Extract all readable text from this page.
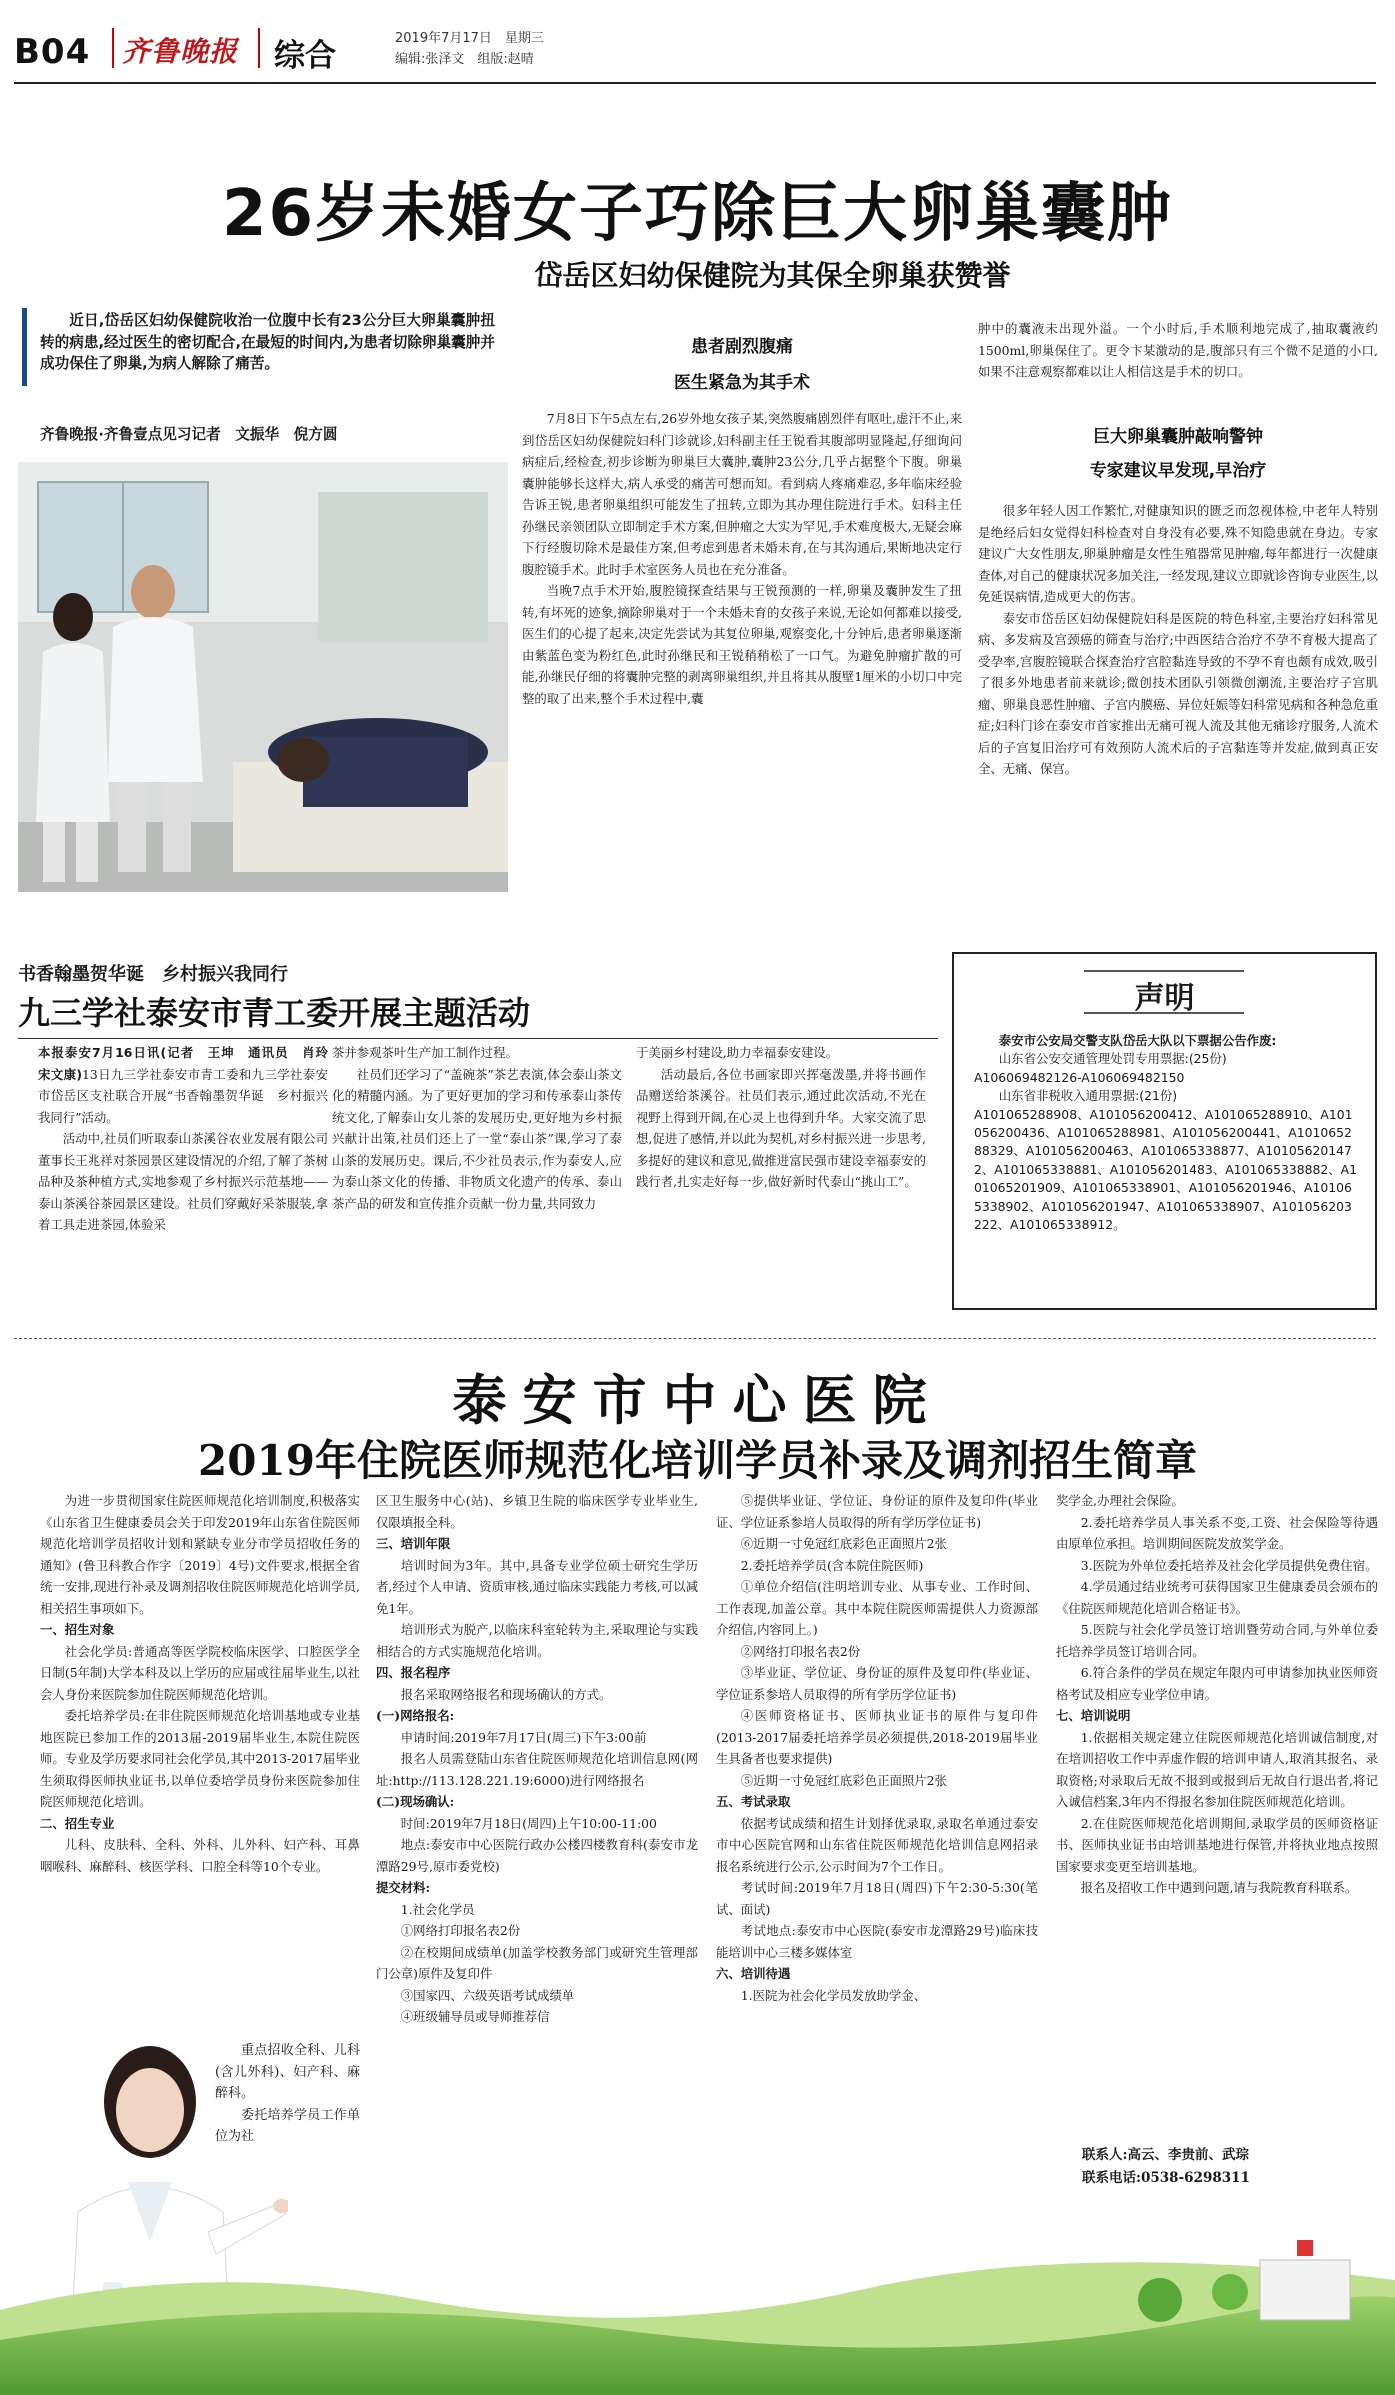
B04 齐鲁晚报 综合	2019年7月17日　星期三
编辑:张泽文　组版:赵晴
26岁未婚女子巧除巨大卵巢囊肿
岱岳区妇幼保健院为其保全卵巢获赞誉

近日,岱岳区妇幼保健院收治一位腹中长有23公分巨大卵巢囊肿扭转的病患,经过医生的密切配合,在最短的时间内,为患者切除卵巢囊肿并成功保住了卵巢,为病人解除了痛苦。

齐鲁晚报·齐鲁壹点见习记者　文振华　倪方圆
患者剧烈腹痛
医生紧急为其手术

7月8日下午5点左右,26岁外地女孩子某,突然腹痛剧烈伴有呕吐,虚汗不止,来到岱岳区妇幼保健院妇科门诊就诊,妇科副主任王锐看其腹部明显隆起,仔细询问病症后,经检查,初步诊断为卵巢巨大囊肿,囊肿23公分,几乎占据整个下腹。卵巢囊肿能够长这样大,病人承受的痛苦可想而知。看到病人疼痛难忍,多年临床经验告诉王锐,患者卵巢组织可能发生了扭转,立即为其办理住院进行手术。妇科主任孙继民亲领团队立即制定手术方案,但肿瘤之大实为罕见,手术难度极大,无疑会麻下行经腹切除术是最佳方案,但考虑到患者未婚未育,在与其沟通后,果断地决定行腹腔镜手术。此时手术室医务人员也在充分准备。

当晚7点手术开始,腹腔镜探查结果与王锐预测的一样,卵巢及囊肿发生了扭转,有坏死的迹象,摘除卵巢对于一个未婚未育的女孩子来说,无论如何都难以接受,医生们的心提了起来,决定先尝试为其复位卵巢,观察变化,十分钟后,患者卵巢逐渐由紫蓝色变为粉红色,此时孙继民和王锐稍稍松了一口气。为避免肿瘤扩散的可能,孙继民仔细的将囊肿完整的剥离卵巢组织,并且将其从腹壁1厘米的小切口中完整的取了出来,整个手术过程中,囊

肿中的囊液未出现外溢。一个小时后,手术顺利地完成了,抽取囊液约1500ml,卵巢保住了。更令卞某激动的是,腹部只有三个微不足道的小口,如果不注意观察都难以让人相信这是手术的切口。

巨大卵巢囊肿敲响警钟
专家建议早发现,早治疗

很多年轻人因工作繁忙,对健康知识的匮乏而忽视体检,中老年人特别是绝经后妇女觉得妇科检查对自身没有必要,殊不知隐患就在身边。专家建议广大女性朋友,卵巢肿瘤是女性生殖器常见肿瘤,每年都进行一次健康查体,对自己的健康状况多加关注,一经发现,建议立即就诊咨询专业医生,以免延误病情,造成更大的伤害。

泰安市岱岳区妇幼保健院妇科是医院的特色科室,主要治疗妇科常见病、多发病及宫颈癌的筛查与治疗;中西医结合治疗不孕不育极大提高了受孕率,宫腹腔镜联合探查治疗宫腔黏连导致的不孕不育也颇有成效,吸引了很多外地患者前来就诊;微创技术团队引领微创潮流,主要治疗子宫肌瘤、卵巢良恶性肿瘤、子宫内膜癌、异位妊娠等妇科常见病和各种急危重症;妇科门诊在泰安市首家推出无痛可视人流及其他无痛诊疗服务,人流术后的子宫复旧治疗可有效预防人流术后的子宫黏连等并发症,做到真正安全、无痛、保宫。

书香翰墨贺华诞　乡村振兴我同行
九三学社泰安市青工委开展主题活动

本报泰安7月16日讯(记者　王坤　通讯员　肖玲　宋文康)13日九三学社泰安市青工委和九三学社泰安市岱岳区支社联合开展“书香翰墨贺华诞　乡村振兴我同行”活动。

活动中,社员们听取泰山茶溪谷农业发展有限公司董事长王兆祥对茶园景区建设情况的介绍,了解了茶树品种及茶种植方式,实地参观了乡村振兴示范基地——泰山茶溪谷茶园景区建设。社员们穿戴好采茶服装,拿着工具走进茶园,体验采

茶并参观茶叶生产加工制作过程。

社员们还学习了“盖碗茶”茶艺表演,体会泰山茶文化的精髓内涵。为了更好更加的学习和传承泰山茶传统文化,了解泰山女儿茶的发展历史,更好地为乡村振兴献计出策,社员们还上了一堂“泰山茶”课,学习了泰山茶的发展历史。课后,不少社员表示,作为泰安人,应为泰山茶文化的传播、非物质文化遗产的传承、泰山茶产品的研发和宣传推介贡献一份力量,共同致力

于美丽乡村建设,助力幸福泰安建设。

活动最后,各位书画家即兴挥毫泼墨,并将书画作品赠送给茶溪谷。社员们表示,通过此次活动,不光在视野上得到开阔,在心灵上也得到升华。大家交流了思想,促进了感情,并以此为契机,对乡村振兴进一步思考,多提好的建议和意见,做推进富民强市建设幸福泰安的践行者,扎实走好每一步,做好新时代泰山“挑山工”。

声明

泰安市公安局交警支队岱岳大队以下票据公告作废:

山东省公安交通管理处罚专用票据:(25份)

A106069482126-A106069482150

山东省非税收入通用票据:(21份)

A101065288908、A101056200412、A101065288910、A101056200436、A101065288981、A101056200441、A101065288329、A101056200463、A101065338877、A101056201472、A101065338881、A101056201483、A101065338882、A101065201909、A101065338901、A101056201946、A101065338902、A101056201947、A101065338907、A101056203222、A101065338912。

泰安市中心医院
2019年住院医师规范化培训学员补录及调剂招生简章

为进一步贯彻国家住院医师规范化培训制度,积极落实《山东省卫生健康委员会关于印发2019年山东省住院医师规范化培训学员招收计划和紧缺专业分市学员招收任务的通知》(鲁卫科教合作字〔2019〕4号)文件要求,根据全省统一安排,现进行补录及调剂招收住院医师规范化培训学员,相关招生事项如下。

一、招生对象

社会化学员:普通高等医学院校临床医学、口腔医学全日制(5年制)大学本科及以上学历的应届或往届毕业生,以社会人身份来医院参加住院医师规范化培训。

委托培养学员:在非住院医师规范化培训基地或专业基地医院已参加工作的2013届-2019届毕业生,本院住院医师。专业及学历要求同社会化学员,其中2013-2017届毕业生须取得医师执业证书,以单位委培学员身份来医院参加住院医师规范化培训。

二、招生专业

儿科、皮肤科、全科、外科、儿外科、妇产科、耳鼻咽喉科、麻醉科、核医学科、口腔全科等10个专业。

重点招收全科、儿科(含儿外科)、妇产科、麻醉科。

委托培养学员工作单位为社

区卫生服务中心(站)、乡镇卫生院的临床医学专业毕业生,仅限填报全科。

三、培训年限

培训时间为3年。其中,具备专业学位硕士研究生学历者,经过个人申请、资质审核,通过临床实践能力考核,可以减免1年。

培训形式为脱产,以临床科室轮转为主,采取理论与实践相结合的方式实施规范化培训。

四、报名程序

报名采取网络报名和现场确认的方式。

(一)网络报名:

申请时间:2019年7月17日(周三)下午3:00前

报名人员需登陆山东省住院医师规范化培训信息网(网址:http://113.128.221.19:6000)进行网络报名

(二)现场确认:

时间:2019年7月18日(周四)上午10:00-11:00

地点:泰安市中心医院行政办公楼四楼教育科(泰安市龙潭路29号,原市委党校)

提交材料:

1.社会化学员

①网络打印报名表2份

②在校期间成绩单(加盖学校教务部门或研究生管理部门公章)原件及复印件

③国家四、六级英语考试成绩单

④班级辅导员或导师推荐信

⑤提供毕业证、学位证、身份证的原件及复印件(毕业证、学位证系参培人员取得的所有学历学位证书)

⑥近期一寸免冠红底彩色正面照片2张

2.委托培养学员(含本院住院医师)

①单位介绍信(注明培训专业、从事专业、工作时间、工作表现,加盖公章。其中本院住院医师需提供人力资源部介绍信,内容同上。)

②网络打印报名表2份

③毕业证、学位证、身份证的原件及复印件(毕业证、学位证系参培人员取得的所有学历学位证书)

④医师资格证书、医师执业证书的原件与复印件(2013-2017届委托培养学员必须提供,2018-2019届毕业生具备者也要求提供)

⑤近期一寸免冠红底彩色正面照片2张

五、考试录取

依据考试成绩和招生计划择优录取,录取名单通过泰安市中心医院官网和山东省住院医师规范化培训信息网招录报名系统进行公示,公示时间为7个工作日。

考试时间:2019年7月18日(周四)下午2:30-5:30(笔试、面试)

考试地点:泰安市中心医院(泰安市龙潭路29号)临床技能培训中心三楼多媒体室

六、培训待遇

1.医院为社会化学员发放助学金、

奖学金,办理社会保险。

2.委托培养学员人事关系不变,工资、社会保险等待遇由原单位承担。培训期间医院发放奖学金。

3.医院为外单位委托培养及社会化学员提供免费住宿。

4.学员通过结业统考可获得国家卫生健康委员会颁布的《住院医师规范化培训合格证书》。

5.医院与社会化学员签订培训暨劳动合同,与外单位委托培养学员签订培训合同。

6.符合条件的学员在规定年限内可申请参加执业医师资格考试及相应专业学位申请。

七、培训说明

1.依据相关规定建立住院医师规范化培训诚信制度,对在培训招收工作中弄虚作假的培训申请人,取消其报名、录取资格;对录取后无故不报到或报到后无故自行退出者,将记入诚信档案,3年内不得报名参加住院医师规范化培训。

2.在住院医师规范化培训期间,录取学员的医师资格证书、医师执业证书由培训基地进行保管,并将执业地点按照国家要求变更至培训基地。

报名及招收工作中遇到问题,请与我院教育科联系。

联系人:高云、李贵前、武琮
联系电话:0538-6298311
